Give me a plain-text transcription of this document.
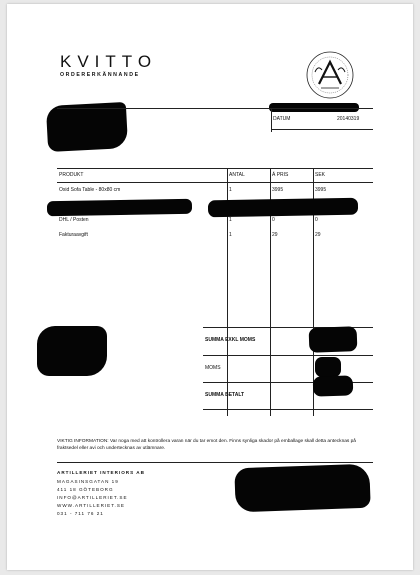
KVITTO
ORDERERKÄNNANDE
DATUM	20140319
PRODUKT	ANTAL	Á PRIS	SEK
Oxid Sofa Table - 80x80 cm	1	3995	3995
DHL / Posten	1	0	0
Fakturaavgift	1	29	29
SUMMA EXKL MOMS
MOMS
SUMMA BETALT
VIKTIG INFORMATION: Var noga med att kontrollera varan när du tar emot den. Finns synliga skador på emballage skall detta antecknas på fraktsedel eller avi och undertecknas av utlämnare.
ARTILLERIET INTERIORS AB
MAGASINSGATAN 19
411 18 GÖTEBORG
INFO@ARTILLERIET.SE
WWW.ARTILLERIET.SE
031 - 711 76 21
